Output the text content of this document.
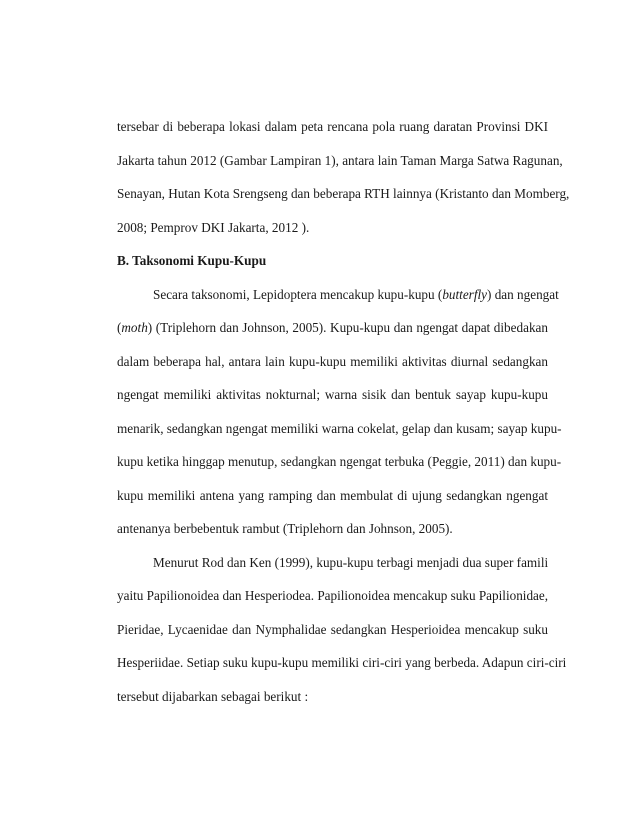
tersebar di beberapa lokasi dalam peta rencana pola ruang daratan Provinsi DKI
Jakarta tahun 2012 (Gambar Lampiran 1), antara lain Taman Marga Satwa Ragunan,
Senayan, Hutan Kota Srengseng dan beberapa RTH lainnya (Kristanto dan Momberg,
2008; Pemprov DKI Jakarta, 2012 ).
B. Taksonomi Kupu-Kupu
Secara taksonomi, Lepidoptera mencakup kupu-kupu (butterfly) dan ngengat
(moth) (Triplehorn dan Johnson, 2005). Kupu-kupu dan ngengat dapat dibedakan
dalam beberapa hal, antara lain kupu-kupu memiliki aktivitas diurnal sedangkan
ngengat memiliki aktivitas nokturnal; warna sisik dan bentuk sayap kupu-kupu
menarik, sedangkan ngengat memiliki warna cokelat, gelap dan kusam; sayap kupu-
kupu ketika hinggap menutup, sedangkan ngengat terbuka (Peggie, 2011) dan kupu-
kupu memiliki antena yang ramping dan membulat di ujung sedangkan ngengat
antenanya berbebentuk rambut (Triplehorn dan Johnson, 2005).
Menurut Rod dan Ken (1999), kupu-kupu terbagi menjadi dua super famili
yaitu Papilionoidea dan Hesperiodea. Papilionoidea mencakup suku Papilionidae,
Pieridae, Lycaenidae dan Nymphalidae sedangkan Hesperioidea mencakup suku
Hesperiidae. Setiap suku kupu-kupu memiliki ciri-ciri yang berbeda. Adapun ciri-ciri
tersebut dijabarkan sebagai berikut :
